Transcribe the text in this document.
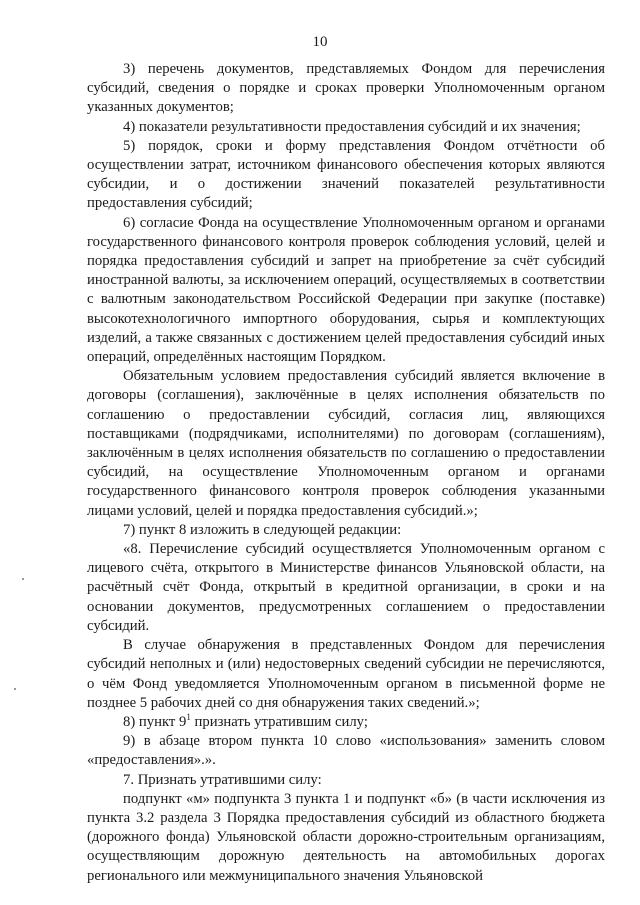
10

3) перечень документов, представляемых Фондом для перечисления субсидий, сведения о порядке и сроках проверки Уполномоченным органом указанных документов;

4) показатели результативности предоставления субсидий и их значения;

5) порядок, сроки и форму представления Фондом отчётности об осуществлении затрат, источником финансового обеспечения которых являются субсидии, и о достижении значений показателей результативности предоставления субсидий;

6) согласие Фонда на осуществление Уполномоченным органом и органами государственного финансового контроля проверок соблюдения условий, целей и порядка предоставления субсидий и запрет на приобретение за счёт субсидий иностранной валюты, за исключением операций, осуществляемых в соответствии с валютным законодательством Российской Федерации при закупке (поставке) высокотехнологичного импортного оборудования, сырья и комплектующих изделий, а также связанных с достижением целей предоставления субсидий иных операций, определённых настоящим Порядком.

Обязательным условием предоставления субсидий является включение в договоры (соглашения), заключённые в целях исполнения обязательств по соглашению о предоставлении субсидий, согласия лиц, являющихся поставщиками (подрядчиками, исполнителями) по договорам (соглашениям), заключённым в целях исполнения обязательств по соглашению о предоставлении субсидий, на осуществление Уполномоченным органом и органами государственного финансового контроля проверок соблюдения указанными лицами условий, целей и порядка предоставления субсидий.»;

7) пункт 8 изложить в следующей редакции:

«8. Перечисление субсидий осуществляется Уполномоченным органом с лицевого счёта, открытого в Министерстве финансов Ульяновской области, на расчётный счёт Фонда, открытый в кредитной организации, в сроки и на основании документов, предусмотренных соглашением о предоставлении субсидий.

В случае обнаружения в представленных Фондом для перечисления субсидий неполных и (или) недостоверных сведений субсидии не перечисляются, о чём Фонд уведомляется Уполномоченным органом в письменной форме не позднее 5 рабочих дней со дня обнаружения таких сведений.»;

8) пункт $9^1$ признать утратившим силу;

9) в абзаце втором пункта 10 слово «использования» заменить словом «предоставления».».

7. Признать утратившими силу:

подпункт «м» подпункта 3 пункта 1 и подпункт «б» (в части исключения из пункта 3.2 раздела 3 Порядка предоставления субсидий из областного бюджета (дорожного фонда) Ульяновской области дорожно-строительным организациям, осуществляющим дорожную деятельность на автомобильных дорогах регионального или межмуниципального значения Ульяновской
